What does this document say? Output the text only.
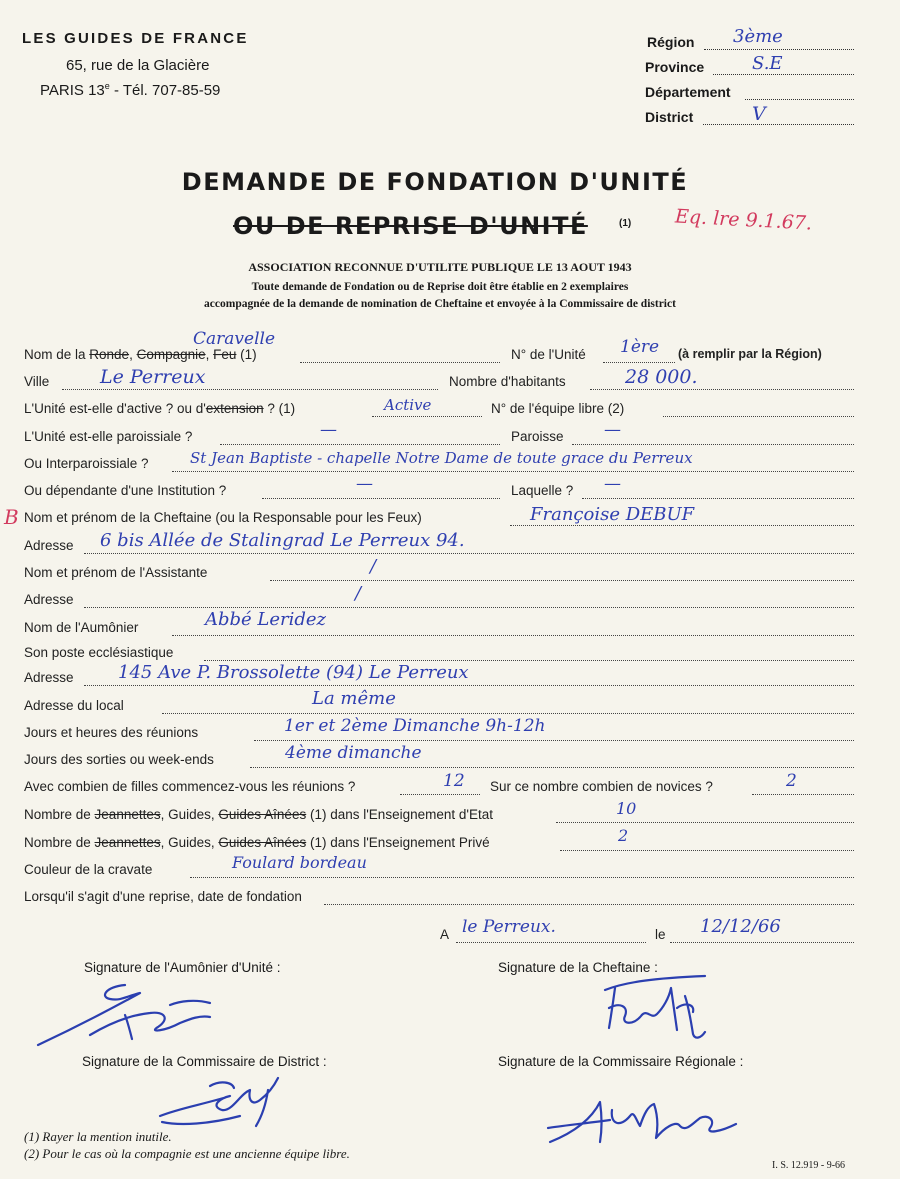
LES GUIDES DE FRANCE
65, rue de la Glacière
PARIS 13e - Tél. 707-85-59
Région 3ème
Province	S.E
Département
District	V
DEMANDE DE FONDATION D'UNITÉ
OU DE REPRISE D'UNITÉ	(1) Eq. lre 9.1.67.
ASSOCIATION RECONNUE D'UTILITE PUBLIQUE LE 13 AOUT 1943
Toute demande de Fondation ou de Reprise doit être établie en 2 exemplaires
accompagnée de la demande de nomination de Cheftaine et envoyée à la Commissaire de district
Nom de la Ronde, Compagnie, Feu (1)
Caravelle
N° de l'Unité 1ère (à remplir par la Région)
Ville	Le Perreux	Nombre d'habitants	28 000.
L'Unité est-elle d'active ? ou d'extension ? (1)	Active	N° de l'équipe libre (2)
L'Unité est-elle paroissiale ?	—	Paroisse —
Ou Interparoissiale ?	St Jean Baptiste - chapelle Notre Dame de toute grace du Perreux
Ou dépendante d'une Institution ?	—	Laquelle ? —
B Nom et prénom de la Cheftaine (ou la Responsable pour les Feux)	Françoise DEBUF
Adresse 6 bis Allée de Stalingrad Le Perreux 94.
Nom et prénom de l'Assistante	/
Adresse	/
Nom de l'Aumônier	Abbé Leridez
Son poste ecclésiastique
Adresse 145 Ave P. Brossolette (94) Le Perreux
Adresse du local	La même
Jours et heures des réunions	1er et 2ème Dimanche 9h-12h
Jours des sorties ou week-ends	4ème dimanche
Avec combien de filles commencez-vous les réunions ?	12 Sur ce nombre combien de novices ?	2
Nombre de Jeannettes, Guides, Guides Aînées (1) dans l'Enseignement d'Etat	10
Nombre de Jeannettes, Guides, Guides Aînées (1) dans l'Enseignement Privé	2
Couleur de la cravate	Foulard bordeau
Lorsqu'il s'agit d'une reprise, date de fondation
A le Perreux.	le 12/12/66
Signature de l'Aumônier d'Unité :	Signature de la Cheftaine :
Signature de la Commissaire de District :	Signature de la Commissaire Régionale :
(1) Rayer la mention inutile.
(2) Pour le cas où la compagnie est une ancienne équipe libre.
I. S. 12.919 - 9-66
